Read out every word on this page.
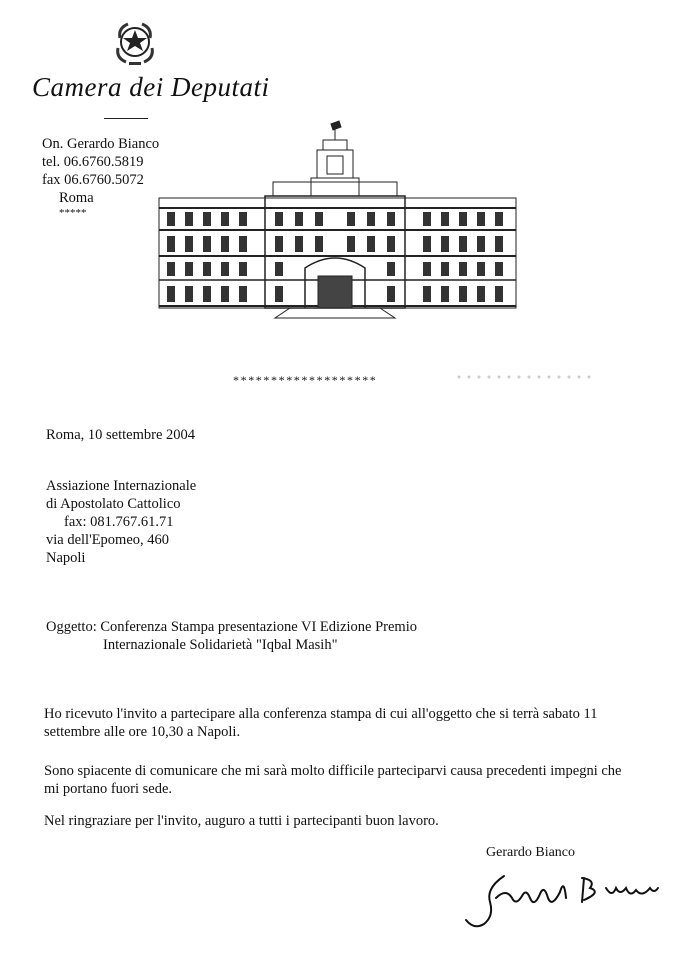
Camera dei Deputati
On. Gerardo Bianco
tel. 06.6760.5819
fax 06.6760.5072
Roma
*****
*******************
Roma, 10 settembre 2004
Assiazione Internazionale
di Apostolato Cattolico
fax: 081.767.61.71
via dell'Epomeo, 460
Napoli
Oggetto: Conferenza Stampa presentazione VI Edizione Premio
Internazionale Solidarietà "Iqbal Masih"

Ho ricevuto l'invito a partecipare alla conferenza stampa di cui all'oggetto che si terrà sabato 11

settembre alle ore 10,30 a Napoli.

Sono spiacente di comunicare che mi sarà molto difficile parteciparvi causa precedenti impegni che

mi portano fuori sede.

Nel ringraziare per l'invito, auguro a tutti i partecipanti buon lavoro.

Gerardo Bianco
